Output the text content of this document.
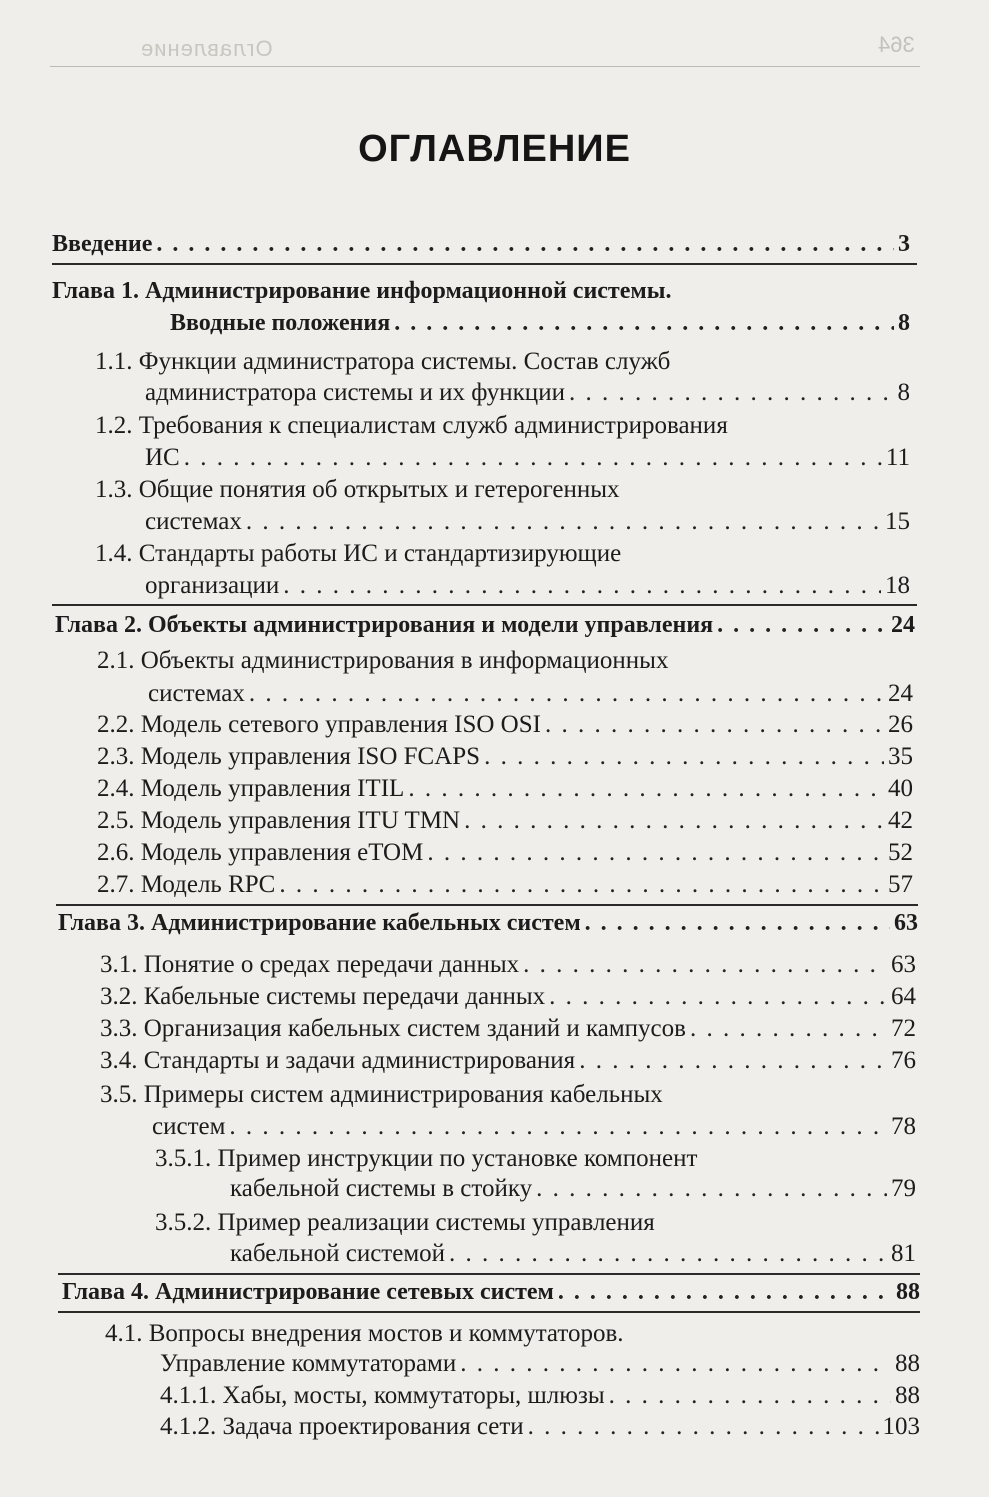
Оглавление	364
ОГЛАВЛЕНИЕ
Введение . . .	3
Глава 1. Администрирование информационной системы.
Вводные положения . . .	8
1.1. Функции администратора системы. Состав служб
администратора системы и их функции . . .	8
1.2. Требования к специалистам служб администрирования
ИС . . .	11
1.3. Общие понятия об открытых и гетерогенных
системах . . .	15
1.4. Стандарты работы ИС и стандартизирующие
организации . . .	18
Глава 2. Объекты администрирования и модели управления . . .	24
2.1. Объекты администрирования в информационных
системах . . .	24
2.2. Модель сетевого управления ISO OSI . . .	26
2.3. Модель управления ISO FCAPS . . .	35
2.4. Модель управления ITIL . . .	40
2.5. Модель управления ITU TMN . . .	42
2.6. Модель управления eTOM . . .	52
2.7. Модель RPC . . .	57
Глава 3. Администрирование кабельных систем . . .	63
3.1. Понятие о средах передачи данных . . .	63
3.2. Кабельные системы передачи данных . . .	64
3.3. Организация кабельных систем зданий и кампусов . . .	72
3.4. Стандарты и задачи администрирования . . .	76
3.5. Примеры систем администрирования кабельных
систем . . .	78
3.5.1. Пример инструкции по установке компонент
кабельной системы в стойку . . .	79
3.5.2. Пример реализации системы управления
кабельной системой . . .	81
Глава 4. Администрирование сетевых систем . . .	88
4.1. Вопросы внедрения мостов и коммутаторов.
Управление коммутаторами . . .	88
4.1.1. Хабы, мосты, коммутаторы, шлюзы . . .	88
4.1.2. Задача проектирования сети . . .	103
